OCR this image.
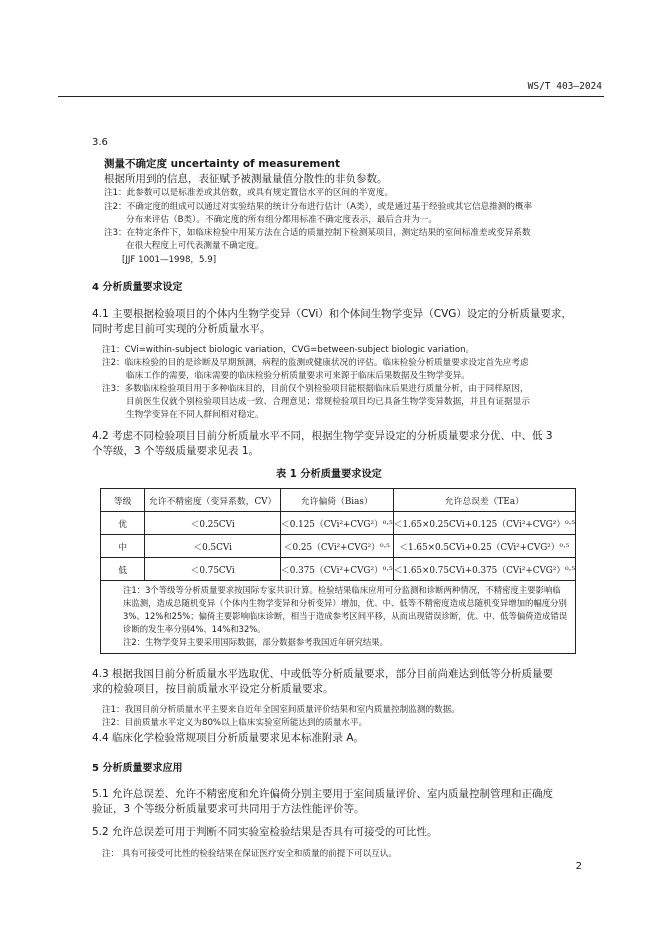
WS/T 403—2024
3.6
测量不确定度 uncertainty of measurement
根据所用到的信息，表征赋予被测量量值分散性的非负参数。
注1：此参数可以是标准差或其倍数，或具有规定置信水平的区间的半宽度。
注2：不确定度的组成可以通过对实验结果的统计分布进行估计（A类），或是通过基于经验或其它信息推测的概率
分布来评估（B类）。不确定度的所有组分都用标准不确定度表示，最后合并为一。
注3：在特定条件下，如临床检验中用某方法在合适的质量控制下检测某项目，测定结果的室间标准差或变异系数
在很大程度上可代表测量不确定度。
[JJF 1001—1998，5.9]
4 分析质量要求设定
4.1 主要根据检验项目的个体内生物学变异（CVi）和个体间生物学变异（CVG）设定的分析质量要求，
同时考虑目前可实现的分析质量水平。
注1：CVi=within-subject biologic variation，CVG=between-subject biologic variation。
注2：临床检验的目的是诊断及早期预测，病程的监测或健康状况的评估。临床检验分析质量要求设定首先应考虑
临床工作的需要，临床需要的临床检验分析质量要求可来源于临床后果数据及生物学变异。
注3：多数临床检验项目用于多种临床目的，目前仅个别检验项目能根据临床后果进行质量分析，由于同样原因，
目前医生仅就个别检验项目达成一致、合理意见；常规检验项目均已具备生物学变异数据，并且有证据显示
生物学变异在不同人群间相对稳定。
4.2 考虑不同检验项目目前分析质量水平不同，根据生物学变异设定的分析质量要求分优、中、低 3
个等级，3 个等级质量要求见表 1。
表 1 分析质量要求设定
等级	允许不精密度（变异系数，CV）	允许偏倚（Bias）	允许总误差（TEa）
优	＜0.25CVi	＜0.125（CVi²+CVG²）⁰·⁵	＜1.65×0.25CVi+0.125（CVi²+CVG²）⁰·⁵
中	＜0.5CVi	＜0.25（CVi²+CVG²）⁰·⁵	＜1.65×0.5CVi+0.25（CVi²+CVG²）⁰·⁵
低	＜0.75CVi	＜0.375（CVi²+CVG²）⁰·⁵	＜1.65×0.75CVi+0.375（CVi²+CVG²）⁰·⁵

注1：3个等级等分析质量要求按国际专家共识计算。检验结果临床应用可分监测和诊断两种情况，不精密度主要影响临床监测，造成总随机变异（个体内生物学变异和分析变异）增加，优、中、低等不精密度造成总随机变异增加的幅度分别3%、12%和25%；偏倚主要影响临床诊断，相当于造成参考区间平移，从而出现错误诊断，优、中、低等偏倚造成错误诊断的发生率分别4%、14%和32%。
注2：生物学变异主要采用国际数据，部分数据参考我国近年研究结果。			
4.3 根据我国目前分析质量水平选取优、中或低等分析质量要求，部分目前尚难达到低等分析质量要
求的检验项目，按目前质量水平设定分析质量要求。
注1：我国目前分析质量水平主要来自近年全国室间质量评价结果和室内质量控制监测的数据。
注2：目前质量水平定义为80%以上临床实验室所能达到的质量水平。
4.4 临床化学检验常规项目分析质量要求见本标准附录 A。
5 分析质量要求应用
5.1 允许总误差、允许不精密度和允许偏倚分别主要用于室间质量评价、室内质量控制管理和正确度
验证，3 个等级分析质量要求可共同用于方法性能评价等。
5.2 允许总误差可用于判断不同实验室检验结果是否具有可接受的可比性。
注： 具有可接受可比性的检验结果在保证医疗安全和质量的前提下可以互认。
2
